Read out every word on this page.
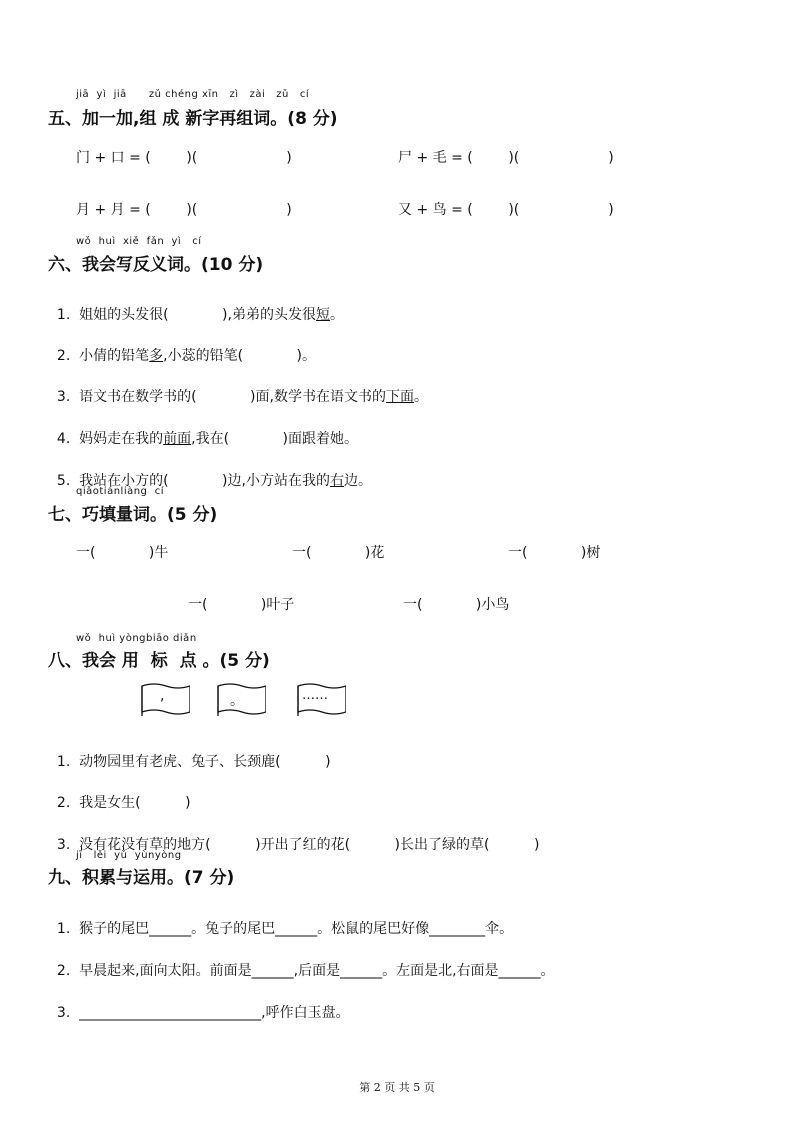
jiā  yì  jiā      zǔ chéng xīn   zì   zài   zǔ   cí
五、加一加,组 成 新字再组词。(8 分)
门 + 口 = (        )(                    )	尸 + 毛 = (        )(                    )
月 + 月 = (        )(                    )	又 + 鸟 = (        )(                    )
wǒ  huì  xiě  fǎn  yì   cí
六、我会写反义词。(10 分)

1. 姐姐的头发很(            ),弟弟的头发很短。

2. 小倩的铅笔多,小蕊的铅笔(            )。

3. 语文书在数学书的(            )面,数学书在语文书的下面。

4. 妈妈走在我的前面,我在(            )面跟着她。

5. 我站在小方的(            )边,小方站在我的右边。

qiǎotiánliàng  cí
七、巧填量词。(5 分)
一(            )牛	一(            )花	一(            )树
一(            )叶子	一(            )小鸟
wǒ  huì yòngbiāo diǎn
八、我会 用  标  点 。(5 分)
,	。	……

1. 动物园里有老虎、兔子、长颈鹿(          )

2. 我是女生(          )

3. 没有花没有草的地方(          )开出了红的花(          )长出了绿的草(          )

jī   lěi  yǔ  yùnyòng
九、积累与运用。(7 分)

1. 猴子的尾巴______。兔子的尾巴______。松鼠的尾巴好像________伞。

2. 早晨起来,面向太阳。前面是______,后面是______。左面是北,右面是______。

3. __________________________,呼作白玉盘。

第 2 页 共 5 页
